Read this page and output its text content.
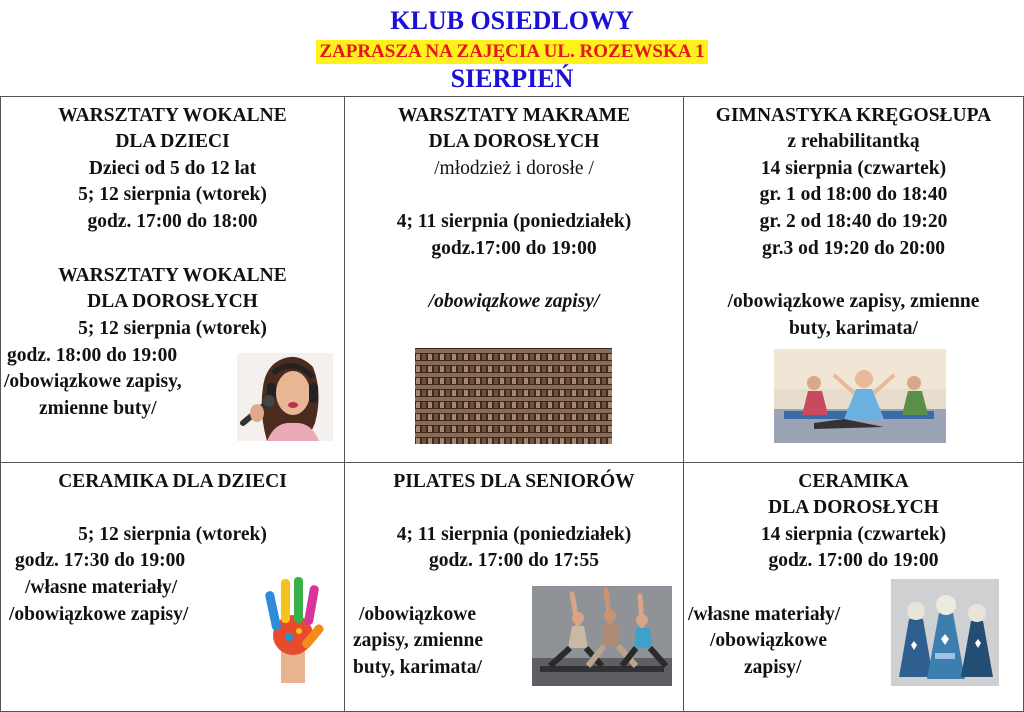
KLUB OSIEDLOWY
ZAPRASZA NA ZAJĘCIA UL. ROZEWSKA 1
SIERPIEŃ
WARSZTATY WOKALNE
DLA DZIECI
Dzieci od 5 do 12 lat
5; 12 sierpnia (wtorek)
godz. 17:00 do 18:00
WARSZTATY WOKALNE
DLA DOROSŁYCH
5; 12 sierpnia (wtorek)
godz. 18:00 do 19:00
/obowiązkowe zapisy,
zmienne buty/
WARSZTATY MAKRAME
DLA DOROSŁYCH
/młodzież i dorosłe /
4; 11 sierpnia (poniedziałek)
godz.17:00 do 19:00
/obowiązkowe zapisy/
GIMNASTYKA KRĘGOSŁUPA
z rehabilitantką
14 sierpnia (czwartek)
gr. 1 od 18:00 do 18:40
gr. 2 od 18:40 do 19:20
gr.3 od 19:20 do 20:00
/obowiązkowe zapisy, zmienne
buty, karimata/
CERAMIKA DLA DZIECI
5; 12 sierpnia (wtorek)
godz. 17:30 do 19:00
/własne materiały/
/obowiązkowe zapisy/
PILATES DLA SENIORÓW
4; 11 sierpnia (poniedziałek)
godz. 17:00 do 17:55
/obowiązkowe
zapisy, zmienne
buty, karimata/
CERAMIKA
DLA DOROSŁYCH
14 sierpnia (czwartek)
godz. 17:00 do 19:00
/własne materiały/
/obowiązkowe
zapisy/
